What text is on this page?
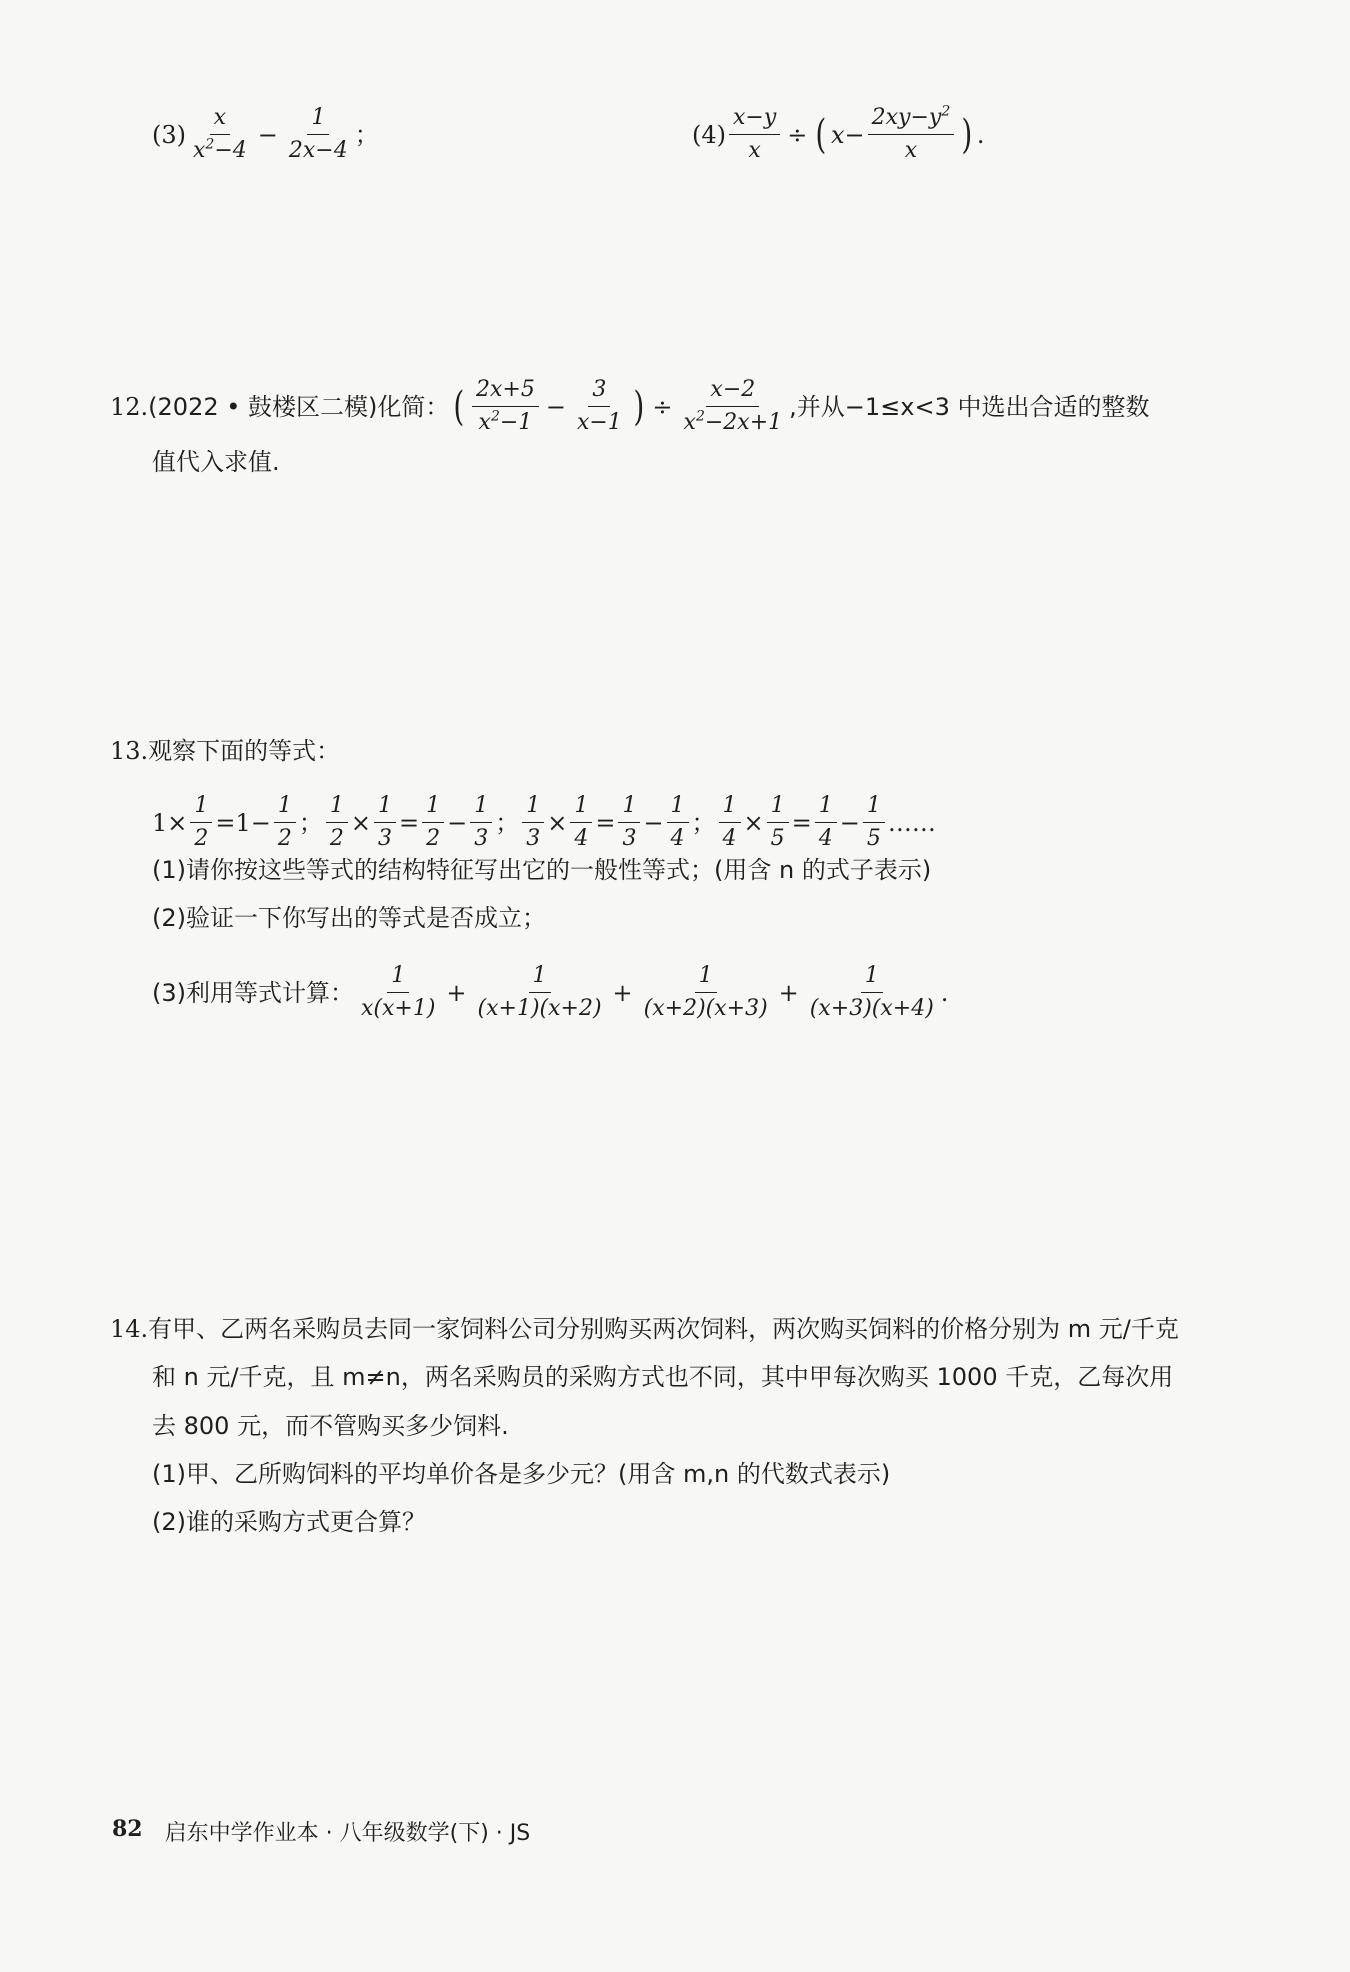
$(3) \frac{x}{x^2-4} - \frac{1}{2x-4}$ ；	$(4) \frac{x-y}{x}$ ÷ ( $x- \frac{2xy-y^2}{x}$ ) .
12. (2022 • 鼓楼区二模)化简： ( $\frac{2x+5}{x^2-1} - \frac{3}{x-1}$ ) ÷ $\frac{x-2}{x^2-2x+1}$ ,并从−1≤x<3 中选出合适的整数
值代入求值.
13. 观察下面的等式：
$1\times \frac{1}{2} =1- \frac{1}{2}$ ； $\frac{1}{2} \times \frac{1}{3} = \frac{1}{2} - \frac{1}{3}$ ； $\frac{1}{3} \times \frac{1}{4} = \frac{1}{3} - \frac{1}{4}$ ； $\frac{1}{4} \times \frac{1}{5} = \frac{1}{4} - \frac{1}{5}$ ……
(1)请你按这些等式的结构特征写出它的一般性等式；(用含 n 的式子表示)
(2)验证一下你写出的等式是否成立；
(3)利用等式计算： $\frac{1}{x(x+1)} + \frac{1}{(x+1)(x+2)} + \frac{1}{(x+2)(x+3)} + \frac{1}{(x+3)(x+4)}$ .
14. 有甲、乙两名采购员去同一家饲料公司分别购买两次饲料，两次购买饲料的价格分别为 m 元/千克
和 n 元/千克，且 m≠n，两名采购员的采购方式也不同，其中甲每次购买 1000 千克，乙每次用
去 800 元，而不管购买多少饲料.
(1)甲、乙所购饲料的平均单价各是多少元？(用含 m,n 的代数式表示)
(2)谁的采购方式更合算？
82 启东中学作业本 · 八年级数学(下) · JS
